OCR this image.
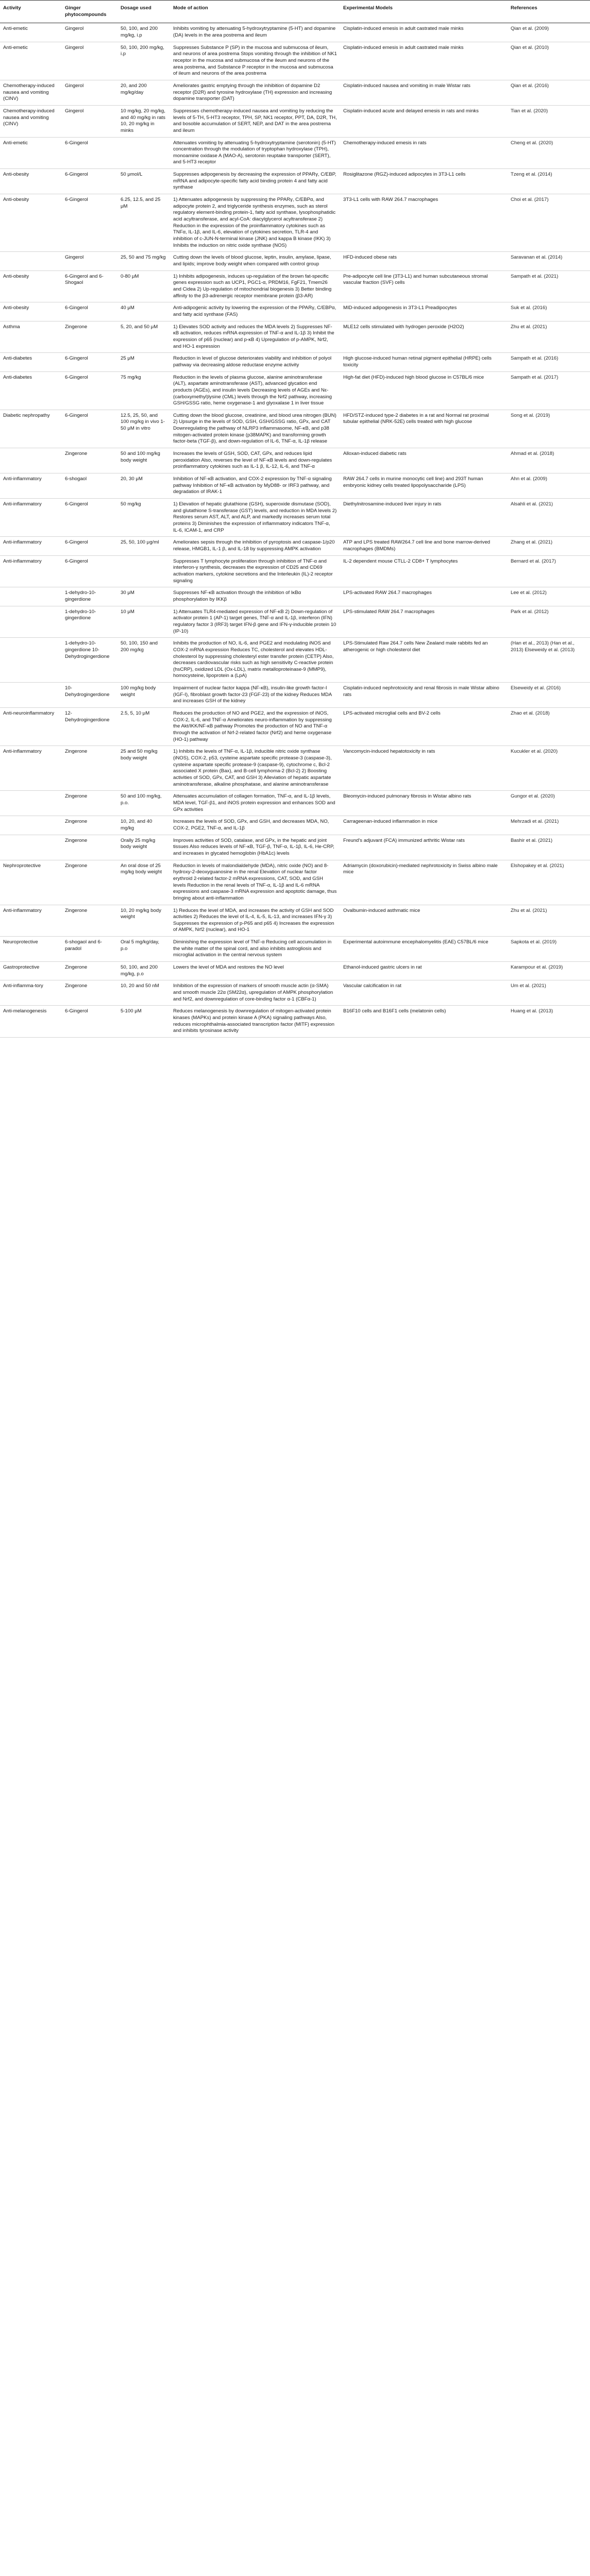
Activity	Ginger phytocompounds	Dosage used	Mode of action	Experimental Models	References
Anti-emetic	Gingerol	50, 100, and 200 mg/kg, i.p	Inhibits vomiting by attenuating 5-hydroxytryptamine (5-HT) and dopamine (DA) levels in the area postrema and ileum	Cisplatin-induced emesis in adult castrated male minks	Qian et al. (2009)
Anti-emetic	Gingerol	50, 100, 200 mg/kg, i.p	Suppresses Substance P (SP) in the mucosa and submucosa of ileum, and neurons of area postrema Stops vomiting through the inhibition of NK1 receptor in the mucosa and submucosa of the ileum and neurons of the area postrema, and Substance P receptor in the mucosa and submucosa of ileum and neurons of the area postrema	Cisplatin-induced emesis in adult castrated male minks	Qian et al. (2010)
Chemotherapy-induced nausea and vomiting (CINV)	Gingerol	20, and 200 mg/kg/day	Ameliorates gastric emptying through the inhibition of dopamine D2 receptor (D2R) and tyrosine hydroxylase (TH) expression and increasing dopamine transporter (DAT)	Cisplatin-induced nausea and vomiting in male Wistar rats	Qian et al. (2016)
Chemotherapy-induced nausea and vomiting (CINV)	Gingerol	10 mg/kg, 20 mg/kg, and 40 mg/kg in rats 10, 20 mg/kg in minks	Suppresses chemotherapy-induced nausea and vomiting by reducing the levels of 5-TH, 5-HT3 receptor, TPH, SP, NK1 receptor, PPT, DA, D2R, TH, and bosoble accumulation of SERT, NEP, and DAT in the area postrema and ileum	Cisplatin-induced acute and delayed emesis in rats and minks	Tian et al. (2020)
Anti-emetic	6-Gingerol		Attenuates vomiting by attenuating 5-hydroxytryptamine (serotonin) (5-HT) concentration through the modulation of tryptophan hydroxylase (TPH), monoamine oxidase A (MAO-A), serotonin reuptake transporter (SERT), and 5-HT3 receptor	Chemotherapy-induced emesis in rats	Cheng et al. (2020)
Anti-obesity	6-Gingerol	50 μmol/L	Suppresses adipogenesis by decreasing the expression of PPARγ, C/EBP, mRNA and adipocyte-specific fatty acid binding protein 4 and fatty acid synthase	Rosiglitazone (RGZ)-induced adipocytes in 3T3-L1 cells	Tzeng et al. (2014)
Anti-obesity	6-Gingerol	6.25, 12.5, and 25 μM	1) Attenuates adipogenesis by suppressing the PPARγ, C/EBPα, and adipocyte protein 2, and triglyceride synthesis enzymes, such as sterol regulatory element-binding protein-1, fatty acid synthase, lysophosphatidic acid acyltransferase, and acyl-CoA: diacylglycerol acyltransferase 2) Reduction in the expression of the proinflammatory cytokines such as TNFα, IL-1β, and IL-6, elevation of cytokines secretion, TLR-4 and inhibition of c-JUN-N-terminal kinase (JNK) and kappa B kinase (IKK) 3) Inhibits the induction on nitric oxide synthase (NOS)	3T3-L1 cells with RAW 264.7 macrophages	Choi et al. (2017)
	Gingerol	25, 50 and 75 mg/kg	Cutting down the levels of blood glucose, leptin, insulin, amylase, lipase, and lipids; improve body weight when compared with control group	HFD-induced obese rats	Saravanan et al. (2014)
Anti-obesity	6-Gingerol and 6-Shogaol	0-80 μM	1) Inhibits adipogenesis, induces up-regulation of the brown fat-specific genes expression such as UCP1, PGC1-α, PRDM16, FgF21, Tmem26 and Cidea 2) Up-regulation of mitochondrial biogenesis 3) Better binding affinity to the β3-adrenergic receptor membrane protein (β3-AR)	Pre-adipocyte cell line (3T3-L1) and human subcutaneous stromal vascular fraction (SVF) cells	Sampath et al. (2021)
Anti-obesity	6-Gingerol	40 μM	Anti-adipogenic activity by lowering the expression of the PPARγ, C/EBPα, and fatty acid synthase (FAS)	MID-induced adipogenesis in 3T3-L1 Preadipocytes	Suk et al. (2016)
Asthma	Zingerone	5, 20, and 50 μM	1) Elevates SOD activity and reduces the MDA levels 2) Suppresses NF-κB activation, reduces mRNA expression of TNF-α and IL-1β 3) Inhibit the expression of p65 (nuclear) and p-κB 4) Upregulation of p-AMPK, Nrf2, and HO-1 expression	MLE12 cells stimulated with hydrogen peroxide (H2O2)	Zhu et al. (2021)
Anti-diabetes	6-Gingerol	25 μM	Reduction in level of glucose deteriorates viability and inhibition of polyol pathway via decreasing aldose reductase enzyme activity	High glucose-induced human retinal pigment epithelial (HRPE) cells toxicity	Sampath et al. (2016)
Anti-diabetes	6-Gingerol	75 mg/kg	Reduction in the levels of plasma glucose, alanine aminotransferase (ALT), aspartate aminotransferase (AST), advanced glycation end products (AGEs), and insulin levels Decreasing levels of AGEs and Nε-(carboxymethyl)lysine (CML) levels through the Nrf2 pathway, increasing GSH/GSSG ratio, heme oxygenase-1 and glyoxalase 1 in liver tissue	High-fat diet (HFD)-induced high blood glucose in C57BL/6 mice	Sampath et al. (2017)
Diabetic nephropathy	6-Gingerol	12.5, 25, 50, and 100 mg/kg in vivo 1-50 μM in vitro	Cutting down the blood glucose, creatinine, and blood urea nitrogen (BUN) 2) Upsurge in the levels of SOD, GSH, GSH/GSSG ratio, GPx, and CAT Downregulating the pathway of NLRP3 inflammasome, NF-κB, and p38 mitogen-activated protein kinase (p38MAPK) and transforming growth factor-beta (TGF-β), and down-regulation of IL-6, TNF-α, IL-1β release	HFD/STZ-induced type-2 diabetes in a rat and Normal rat proximal tubular epithelial (NRK-52E) cells treated with high glucose	Song et al. (2019)
	Zingerone	50 and 100 mg/kg body weight	Increases the levels of GSH, SOD, CAT, GPx, and reduces lipid peroxidation Also, reverses the level of NF-κB levels and down-regulates proinflammatory cytokines such as IL-1 β, IL-12, IL-6, and TNF-α	Alloxan-induced diabetic rats	Ahmad et al. (2018)
Anti-inflammatory	6-shogaol	20, 30 μM	Inhibition of NF-κB activation, and COX-2 expression by TNF-α signaling pathway Inhibition of NF-κB activation by MyD88- or IRF3 pathway, and degradation of IRAK-1	RAW 264.7 cells in murine monocytic cell line) and 293T human embryonic kidney cells treated lipopolysaccharide (LPS)	Ahn et al. (2009)
Anti-inflammatory	6-Gingerol	50 mg/kg	1) Elevation of hepatic glutathione (GSH), superoxide dismutase (SOD), and glutathione S-transferase (GST) levels, and reduction in MDA levels 2) Restores serum AST, ALT, and ALP, and markedly increases serum total proteins 3) Diminishes the expression of inflammatory indicators TNF-α, IL-6, ICAM-1, and CRP	Diethylnitrosamine-induced liver injury in rats	Alsahli et al. (2021)
Anti-inflammatory	6-Gingerol	25, 50, 100 μg/ml	Ameliorates sepsis through the inhibition of pyroptosis and caspase-1/p20 release, HMGB1, IL-1 β, and IL-18 by suppressing AMPK activation	ATP and LPS treated RAW264.7 cell line and bone marrow-derived macrophages (BMDMs)	Zhang et al. (2021)
Anti-inflammatory	6-Gingerol		Suppresses T lymphocyte proliferation through inhibition of TNF-α and interferon-γ synthesis, decreases the expression of CD25 and CD69 activation markers, cytokine secretions and the Interleukin (IL)-2 receptor signaling	IL-2 dependent mouse CTLL-2 CD8+ T lymphocytes	Bernard et al. (2017)
	1-dehydro-10-gingerdione	30 μM	Suppresses NF-κB activation through the inhibition of IκBα phosphorylation by IKKβ	LPS-activated RAW 264.7 macrophages	Lee et al. (2012)
	1-dehydro-10-gingerdione	10 μM	1) Attenuates TLR4-mediated expression of NF-κB 2) Down-regulation of activator protein 1 (AP-1) target genes, TNF-α and IL-1β, interferon (IFN) regulatory factor 3 (IRF3) target IFN-β gene and IFN-γ-inducible protein 10 (IP-10)	LPS-stimulated RAW 264.7 macrophages	Park et al. (2012)
	1-dehydro-10-gingerdione 10-Dehydrogingerdione	50, 100, 150 and 200 mg/kg	Inhibits the production of NO, IL-6, and PGE2 and modulating iNOS and COX-2 mRNA expression Reduces TC, cholesterol and elevates HDL-cholesterol by suppressing cholesteryl ester transfer protein (CETP) Also, decreases cardiovascular risks such as high sensitivity C-reactive protein (hsCRP), oxidized LDL (Ox-LDL), matrix metalloproteinase-9 (MMP9), homocysteine, lipoprotein a (LpA)	LPS-Stimulated Raw 264.7 cells New Zealand male rabbits fed an atherogenic or high cholesterol diet	(Han et al., 2013) (Han et al., 2013) Elseweidy et al. (2013)
	10-Dehydrogingerdione	100 mg/kg body weight	Impairment of nuclear factor kappa (NF-κB), insulin-like growth factor-I (IGF-I), fibroblast growth factor-23 (FGF-23) of the kidney Reduces MDA and increases GSH of the kidney	Cisplatin-induced nephrotoxicity and renal fibrosis in male Wistar albino rats	Elseweidy et al. (2016)
Anti-neuroinflammatory	12-Dehydrogingerdione	2.5, 5, 10 μM	Reduces the production of NO and PGE2, and the expression of iNOS, COX-2, IL-6, and TNF-α Ameliorates neuro-inflammation by suppressing the Akt/IKK/NF-κB pathway Promotes the production of NO and TNF-α through the activation of Nrf-2-related factor (Nrf2) and heme oxygenase (HO-1) pathway	LPS-activated microglial cells and BV-2 cells	Zhao et al. (2018)
Anti-inflammatory	Zingerone	25 and 50 mg/kg body weight	1) Inhibits the levels of TNF-α, IL-1β, inducible nitric oxide synthase (iNOS), COX-2, p53, cysteine aspartate specific protease-3 (caspase-3), cysteine aspartate specific protease-9 (caspase-9), cytochrome c, Bcl-2 associated X protein (Bax), and B-cell lymphoma-2 (Bcl-2) 2) Boosting activities of SOD, GPx, CAT, and GSH 3) Alleviation of hepatic aspartate aminotransferase, alkaline phosphatase, and alanine aminotransferase	Vancomycin-induced hepatotoxicity in rats	Kucukler et al. (2020)
	Zingerone	50 and 100 mg/kg, p.o.	Attenuates accumulation of collagen formation, TNF-α, and IL-1β levels, MDA level, TGF-β1, and iNOS protein expression and enhances SOD and GPx activities	Bleomycin-induced pulmonary fibrosis in Wistar albino rats	Gungor et al. (2020)
	Zingerone	10, 20, and 40 mg/kg	Increases the levels of SOD, GPx, and GSH, and decreases MDA, NO, COX-2, PGE2, TNF-α, and IL-1β	Carrageenan-induced inflammation in mice	Mehrzadi et al. (2021)
	Zingerone	Orally 25 mg/kg body weight	Improves activities of SOD, catalase, and GPx, in the hepatic and joint tissues Also reduces levels of NF-κB, TGF-β, TNF-α, IL-1β, IL-6, He-CRP, and increases in glycated hemoglobin (HbA1c) levels	Freund's adjuvant (FCA) immunized arthritic Wistar rats	Bashir et al. (2021)
Nephroprotective	Zingerone	An oral dose of 25 mg/kg body weight	Reduction in levels of malondialdehyde (MDA), nitric oxide (NO) and 8-hydroxy-2-deoxyguanosine in the renal Elevation of nuclear factor erythroid 2-related factor-2 mRNA expressions, CAT, SOD, and GSH levels Reduction in the renal levels of TNF-α, IL-1β and IL-6 mRNA expressions and caspase-3 mRNA expression and apoptotic damage, thus bringing about anti-inflammation	Adriamycin (doxorubicin)-mediated nephrotoxicity in Swiss albino male mice	Elshopakey et al. (2021)
Anti-inflammatory	Zingerone	10, 20 mg/kg body weight	1) Reduces the level of MDA, and increases the activity of GSH and SOD activities 2) Reduces the level of IL-4, IL-5, IL-13, and increases IFN-γ 3) Suppresses the expression of p-P65 and p65 4) Increases the expression of AMPK, Nrf2 (nuclear), and HO-1	Ovalbumin-induced asthmatic mice	Zhu et al. (2021)
Neuroprotective	6-shogaol and 6-paradol	Oral 5 mg/kg/day, p.o	Diminishing the expression level of TNF-α Reducing cell accumulation in the white matter of the spinal cord, and also inhibits astrogliosis and microglial activation in the central nervous system	Experimental autoimmune encephalomyelitis (EAE) C57BL/6 mice	Sapkota et al. (2019)
Gastroprotective	Zingerone	50, 100, and 200 mg/kg, p.o	Lowers the level of MDA and restores the NO level	Ethanol-induced gastric ulcers in rat	Karampour et al. (2019)
Anti-inflamma-tory	Zingerone	10, 20 and 50 nM	Inhibition of the expression of markers of smooth muscle actin (α-SMA) and smooth muscle 22α (SM22α), upregulation of AMPK phosphorylation and Nrf2, and downregulation of core-binding factor α-1 (CBFα-1)	Vascular calcification in rat	Um et al. (2021)
Anti-melanogenesis	6-Gingerol	5-100 μM	Reduces melanogenesis by downregulation of mitogen-activated protein kinases (MAPKs) and protein kinase A (PKA) signaling pathways Also, reduces microphthalmia-associated transcription factor (MITF) expression and inhibits tyrosinase activity	B16F10 cells and B16F1 cells (melatonin cells)	Huang et al. (2013)
